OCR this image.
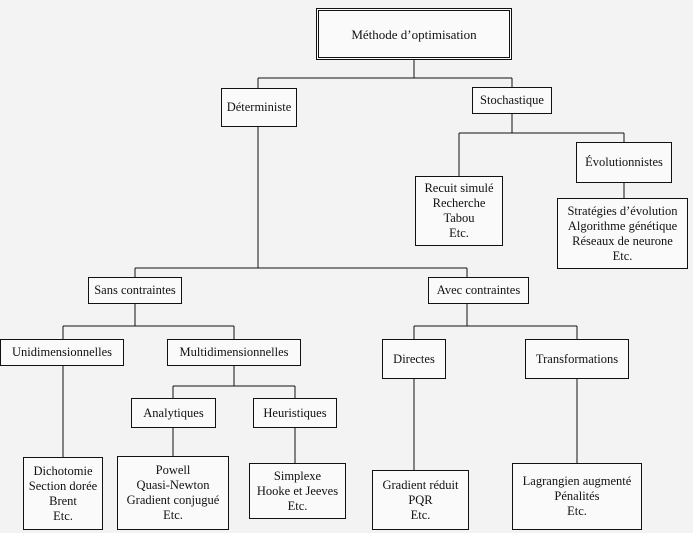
Méthode d’optimisation
Déterministe	Stochastique
Recuit simulé
Recherche
Tabou
Etc.
Évolutionnistes
Stratégies d’évolution
Algorithme génétique
Réseaux de neurone
Etc.
Sans contraintes	Avec contraintes
Unidimensionnelles	Multidimensionnelles
Dichotomie
Section dorée
Brent
Etc.
Analytiques	Heuristiques
Powell
Quasi-Newton
Gradient conjugué
Etc.
Simplexe
Hooke et Jeeves
Etc.
Directes	Transformations
Gradient réduit
PQR
Etc.
Lagrangien augmenté
Pénalités
Etc.
